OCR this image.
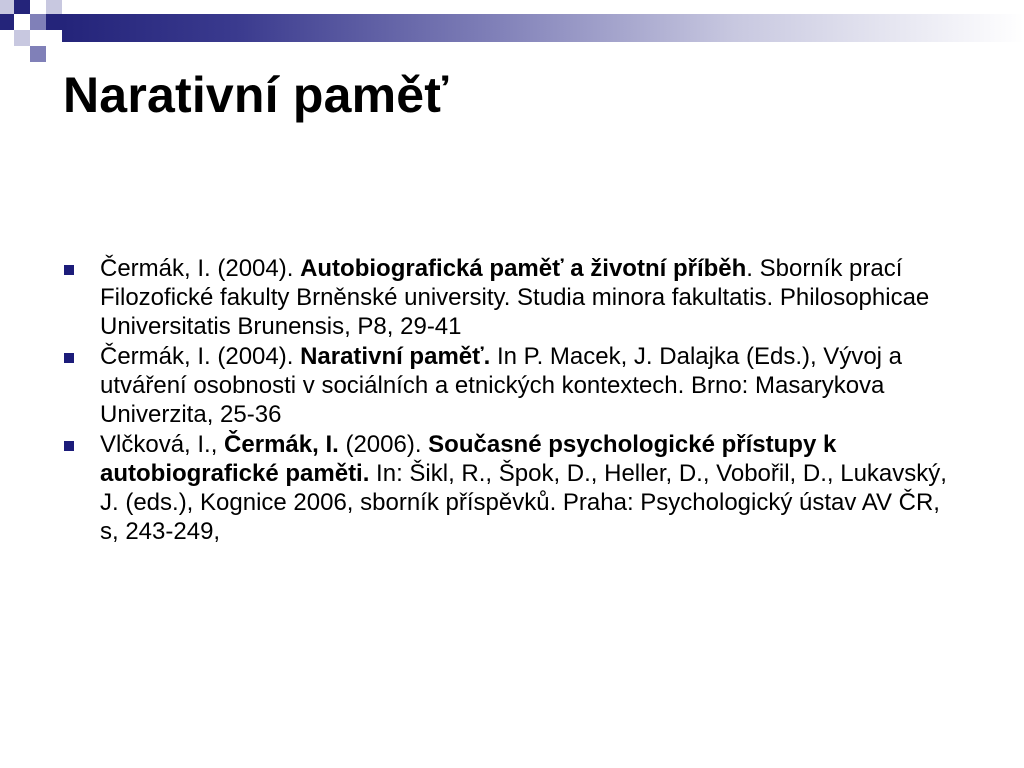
Narativní paměť
Čermák, I. (2004). Autobiografická paměť a životní příběh. Sborník prací Filozofické fakulty Brněnské university. Studia minora fakultatis. Philosophicae Universitatis Brunensis, P8, 29-41
Čermák, I. (2004). Narativní paměť. In P. Macek, J. Dalajka (Eds.), Vývoj a utváření osobnosti v sociálních a etnických kontextech. Brno: Masarykova Univerzita, 25-36
Vlčková, I., Čermák, I. (2006). Současné psychologické přístupy k autobiografické paměti. In: Šikl, R., Špok, D., Heller, D., Vobořil, D., Lukavský, J. (eds.), Kognice 2006, sborník příspěvků. Praha: Psychologický ústav AV ČR, s, 243-249,
